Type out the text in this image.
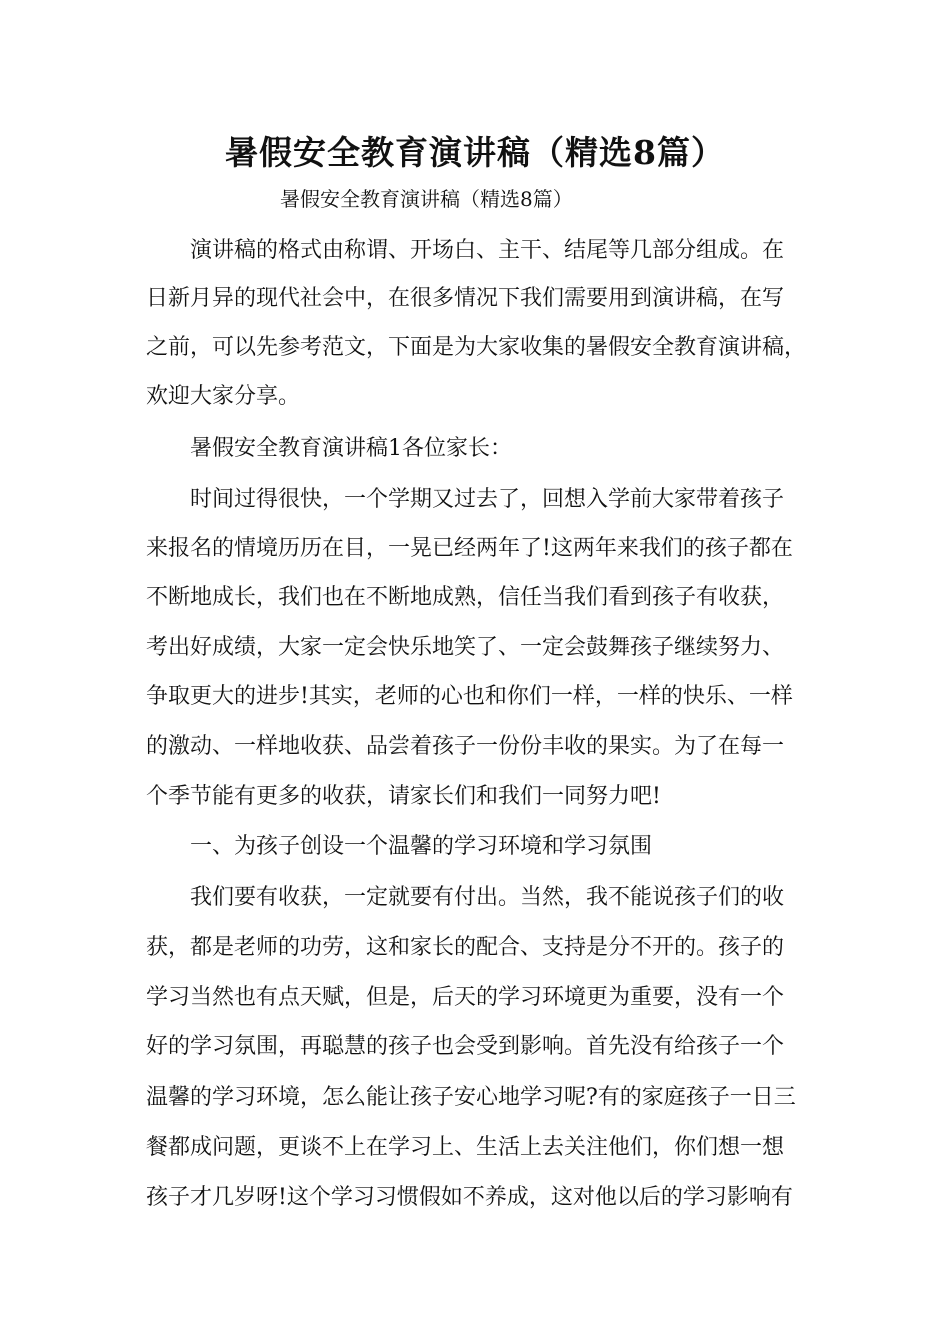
暑假安全教育演讲稿（精选8篇）
暑假安全教育演讲稿（精选8篇）
演讲稿的格式由称谓、开场白、主干、结尾等几部分组成。在
日新月异的现代社会中，在很多情况下我们需要用到演讲稿，在写
之前，可以先参考范文，下面是为大家收集的暑假安全教育演讲稿，
欢迎大家分享。
暑假安全教育演讲稿1各位家长：
时间过得很快，一个学期又过去了，回想入学前大家带着孩子
来报名的情境历历在目，一晃已经两年了!这两年来我们的孩子都在
不断地成长，我们也在不断地成熟，信任当我们看到孩子有收获，
考出好成绩，大家一定会快乐地笑了、一定会鼓舞孩子继续努力、
争取更大的进步!其实，老师的心也和你们一样，一样的快乐、一样
的激动、一样地收获、品尝着孩子一份份丰收的果实。为了在每一
个季节能有更多的收获，请家长们和我们一同努力吧!
一、为孩子创设一个温馨的学习环境和学习氛围
我们要有收获，一定就要有付出。当然，我不能说孩子们的收
获，都是老师的功劳，这和家长的配合、支持是分不开的。孩子的
学习当然也有点天赋，但是，后天的学习环境更为重要，没有一个
好的学习氛围，再聪慧的孩子也会受到影响。首先没有给孩子一个
温馨的学习环境，怎么能让孩子安心地学习呢?有的家庭孩子一日三
餐都成问题，更谈不上在学习上、生活上去关注他们，你们想一想
孩子才几岁呀!这个学习习惯假如不养成，这对他以后的学习影响有
